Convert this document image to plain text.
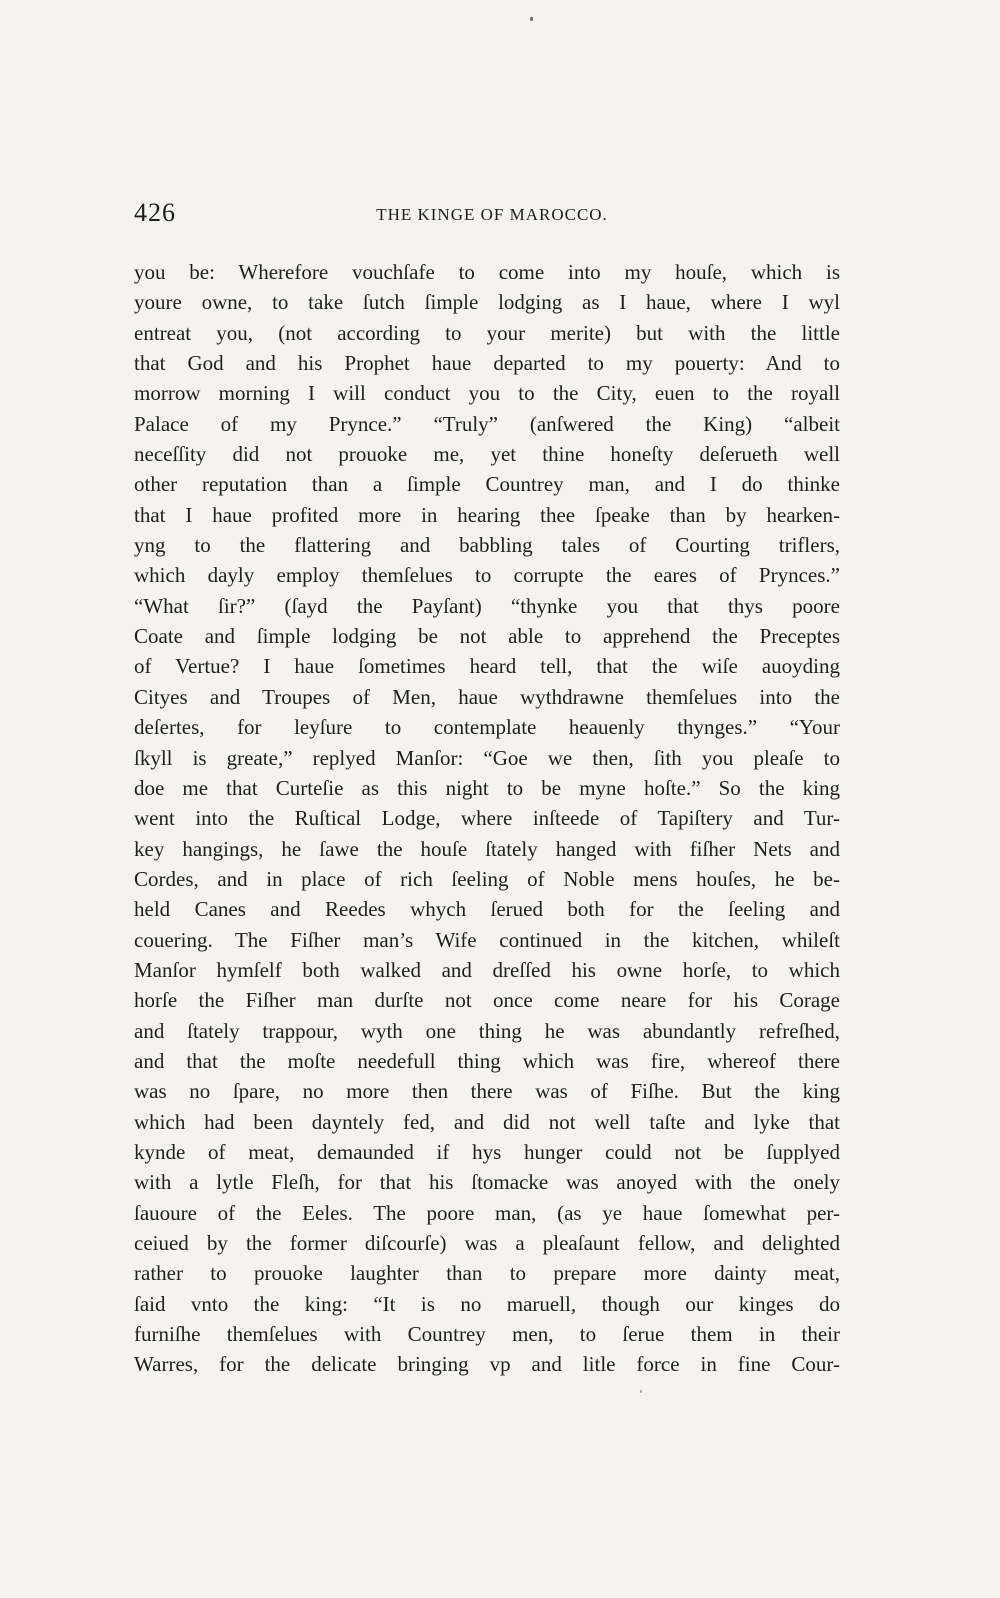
426	THE KINGE OF MAROCCO.
you be: Wherefore vouchſafe to come into my houſe, which is
youre owne, to take ſutch ſimple lodging as I haue, where I wyl
entreat you, (not according to your merite) but with the little
that God and his Prophet haue departed to my pouerty: And to
morrow morning I will conduct you to the City, euen to the royall
Palace of my Prynce.” “Truly” (anſwered the King) “albeit
neceſſity did not prouoke me, yet thine honeſty deſerueth well
other reputation than a ſimple Countrey man, and I do thinke
that I haue profited more in hearing thee ſpeake than by hearken-
yng to the flattering and babbling tales of Courting triflers,
which dayly employ themſelues to corrupte the eares of Prynces.”
“What ſir?” (ſayd the Payſant) “thynke you that thys poore
Coate and ſimple lodging be not able to apprehend the Preceptes
of Vertue? I haue ſometimes heard tell, that the wiſe auoyding
Cityes and Troupes of Men, haue wythdrawne themſelues into the
deſertes, for leyſure to contemplate heauenly thynges.” “Your
ſkyll is greate,” replyed Manſor: “Goe we then, ſith you pleaſe to
doe me that Curteſie as this night to be myne hoſte.” So the king
went into the Ruſtical Lodge, where inſteede of Tapiſtery and Tur-
key hangings, he ſawe the houſe ſtately hanged with fiſher Nets and
Cordes, and in place of rich ſeeling of Noble mens houſes, he be-
held Canes and Reedes whych ſerued both for the ſeeling and
couering. The Fiſher man’s Wife continued in the kitchen, whileſt
Manſor hymſelf both walked and dreſſed his owne horſe, to which
horſe the Fiſher man durſte not once come neare for his Corage
and ſtately trappour, wyth one thing he was abundantly refreſhed,
and that the moſte needefull thing which was fire, whereof there
was no ſpare, no more then there was of Fiſhe. But the king
which had been dayntely fed, and did not well taſte and lyke that
kynde of meat, demaunded if hys hunger could not be ſupplyed
with a lytle Fleſh, for that his ſtomacke was anoyed with the onely
ſauoure of the Eeles. The poore man, (as ye haue ſomewhat per-
ceiued by the former diſcourſe) was a pleaſaunt fellow, and delighted
rather to prouoke laughter than to prepare more dainty meat,
ſaid vnto the king: “It is no maruell, though our kinges do
furniſhe themſelues with Countrey men, to ſerue them in their
Warres, for the delicate bringing vp and litle force in fine Cour-
